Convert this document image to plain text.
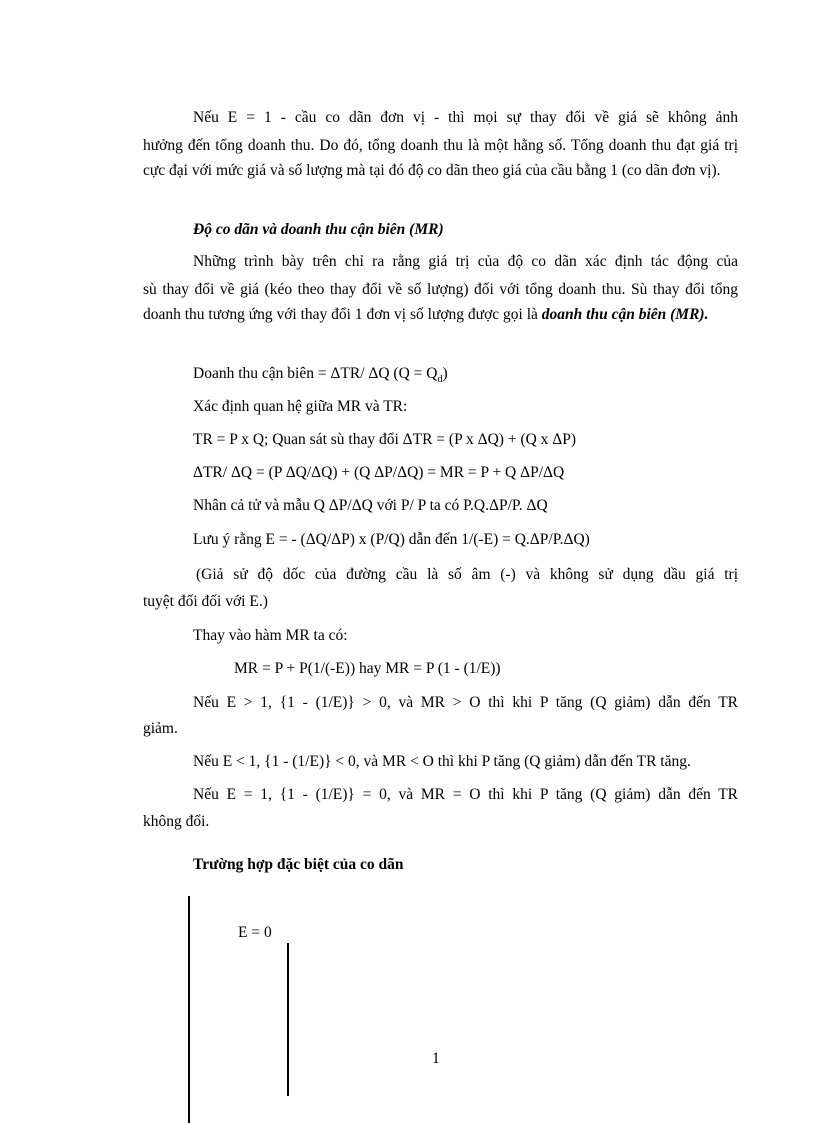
Nếu E = 1 - cầu co dãn đơn vị - thì mọi sự thay đổi về giá sẽ không ảnh
hưởng đến tổng doanh thu. Do đó, tổng doanh thu là một hằng số. Tổng doanh thu đạt giá trị cực đại với mức giá và số lượng mà tại đó độ co dãn theo giá của cầu bằng 1 (co dãn đơn vị).
Độ co dãn và doanh thu cận biên (MR)
Những trình bày trên chỉ ra rằng giá trị của độ co dãn xác định tác động của
sù thay đổi về giá (kéo theo thay đổi về số lượng) đối với tổng doanh thu. Sù thay đổi tổng doanh thu tương ứng với thay đổi 1 đơn vị số lượng được gọi là doanh thu cận biên (MR).
Doanh thu cận biên = ΔTR/ ΔQ $(Q = Q_d)$
Xác định quan hệ giữa MR và TR:
TR = P x Q; Quan sát sù thay đổi ΔTR = (P x ΔQ) + (Q x ΔP)
ΔTR/ ΔQ = (P ΔQ/ΔQ) + (Q ΔP/ΔQ) = MR = P + Q ΔP/ΔQ
Nhân cả tử và mẫu Q ΔP/ΔQ với P/ P ta có P.Q.ΔP/P. ΔQ
Lưu ý rằng E = - (ΔQ/ΔP) x (P/Q) dẫn đến 1/(-E) = Q.ΔP/P.ΔQ)
(Giả sử độ dốc của đường cầu là số âm (-) và không sử dụng dầu giá trị
tuyệt đối đối với E.)
Thay vào hàm MR ta có:
MR = P + P(1/(-E)) hay MR = P (1 - (1/E))
Nếu E > 1, {1 - (1/E)} > 0, và MR > O thì khi P tăng (Q giảm) dẫn đến TR
giảm.
Nếu E < 1, {1 - (1/E)} < 0, và MR < O thì khi P tăng (Q giảm) dẫn đến TR tăng.
Nếu E = 1, {1 - (1/E)} = 0, và MR = O thì khi P tăng (Q giảm) dẫn đến TR
không đổi.
Trường hợp đặc biệt của co dãn
E = 0
1
